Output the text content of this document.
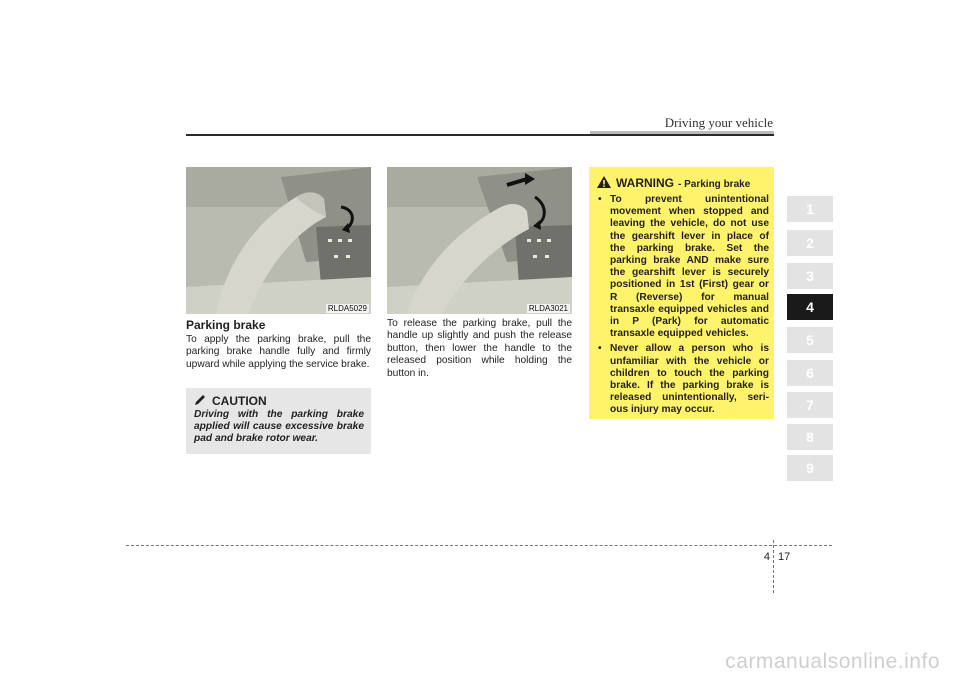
Driving your vehicle
RLDA5029	RLDA3021
Parking brake
To apply the parking brake, pull the parking brake handle fully and firmly upward while applying the service brake.
CAUTION
Driving with the parking brake applied will cause excessive brake pad and brake rotor wear.
To release the parking brake, pull the handle up slightly and push the release button, then lower the handle to the released position while holding the button in.
WARNING - Parking brake
• To prevent unintentional movement when stopped and leaving the vehicle, do not use the gearshift lever in place of the parking brake. Set the parking brake AND make sure the gearshift lever is securely positioned in 1st (First) gear or R (Reverse) for manual transaxle equipped vehicles and in P (Park) for automatic transaxle equipped vehicles.
• Never allow a person who is unfamiliar with the vehicle or children to touch the parking brake. If the parking brake is released unintentionally, seri- ous injury may occur.
1
2
3
4
5
6
7
8
9
4 17
carmanualsonline.info
